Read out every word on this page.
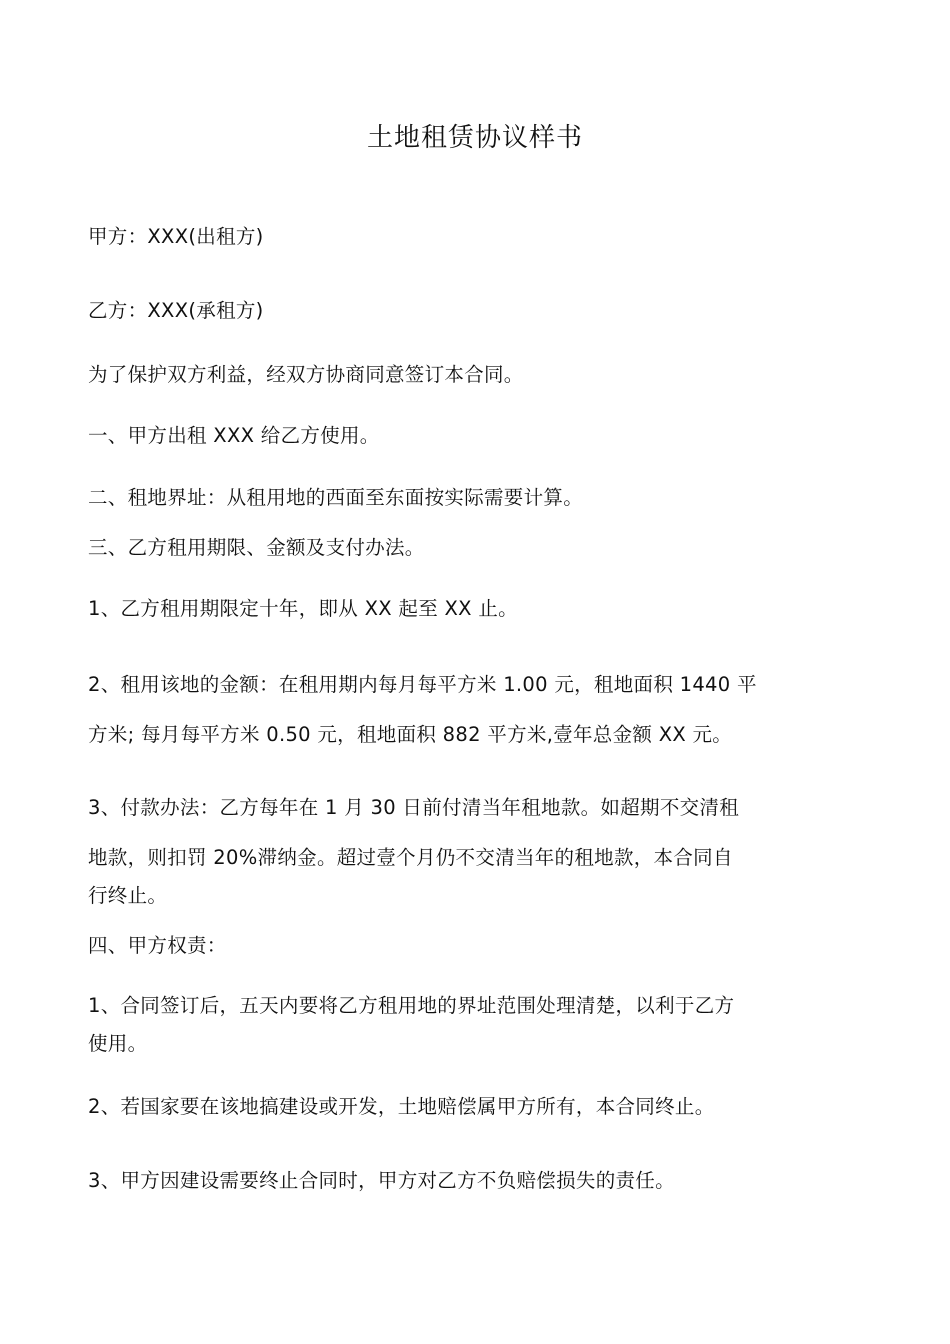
土地租赁协议样书
甲方：XXX(出租方)
乙方：XXX(承租方)
为了保护双方利益，经双方协商同意签订本合同。
一、甲方出租 XXX 给乙方使用。
二、租地界址：从租用地的西面至东面按实际需要计算。
三、乙方租用期限、金额及支付办法。
1、乙方租用期限定十年，即从 XX 起至 XX 止。
2、租用该地的金额：在租用期内每月每平方米 1.00 元，租地面积 1440 平
方米; 每月每平方米 0.50 元，租地面积 882 平方米,壹年总金额 XX 元。
3、付款办法：乙方每年在 1 月 30 日前付清当年租地款。如超期不交清租
地款，则扣罚 20%滞纳金。超过壹个月仍不交清当年的租地款，本合同自
行终止。
四、甲方权责：
1、合同签订后，五天内要将乙方租用地的界址范围处理清楚，以利于乙方
使用。
2、若国家要在该地搞建设或开发，土地赔偿属甲方所有，本合同终止。
3、甲方因建设需要终止合同时，甲方对乙方不负赔偿损失的责任。
